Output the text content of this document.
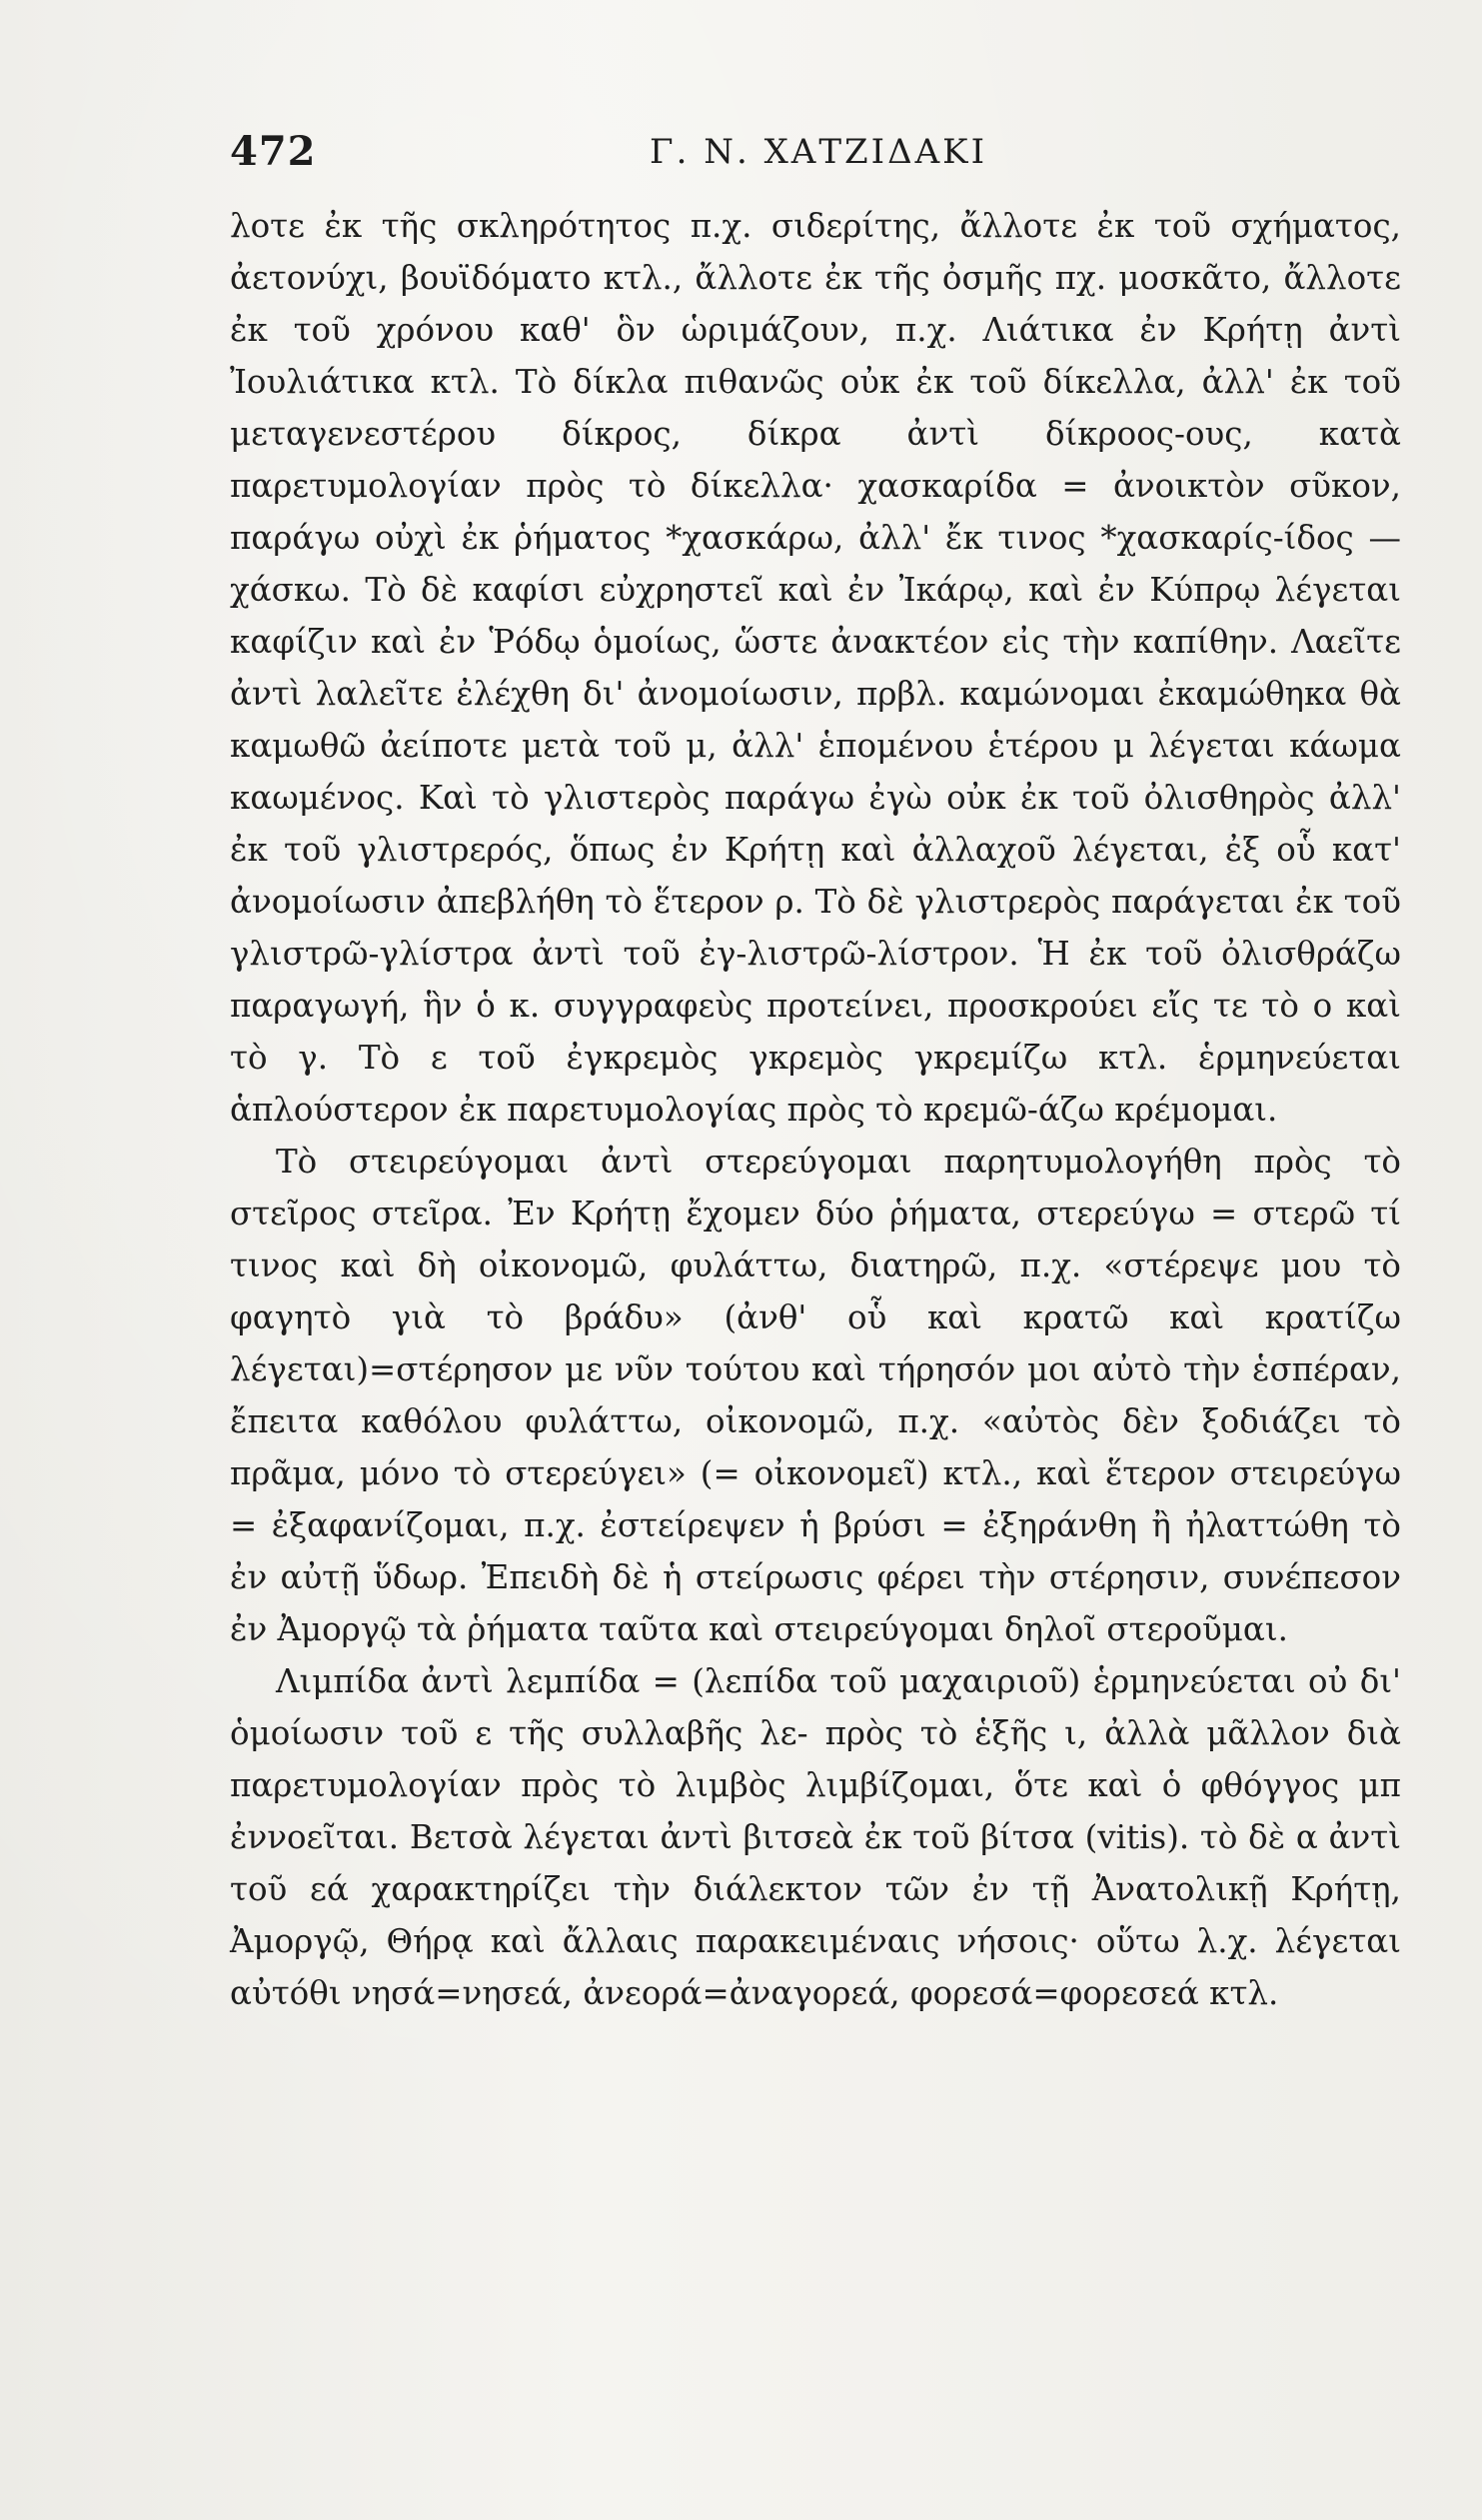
472	Γ. Ν. ΧΑΤΖΙΔΑΚΙ

λοτε ἐκ τῆς σκληρότητος π.χ. σιδερίτης, ἄλλοτε ἐκ τοῦ σχήματος, ἀετονύχι, βουϊδόματο κτλ., ἄλλοτε ἐκ τῆς ὀσμῆς πχ. μοσκᾶτο, ἄλλοτε ἐκ τοῦ χρόνου καθ' ὃν ὡριμάζουν, π.χ. Λιάτικα ἐν Κρήτῃ ἀντὶ Ἰουλιάτικα κτλ. Τὸ δίκλα πιθανῶς οὐκ ἐκ τοῦ δίκελλα, ἀλλ' ἐκ τοῦ μεταγενεστέρου δίκρος, δίκρα ἀντὶ δίκροος-ους, κατὰ παρετυμολογίαν πρὸς τὸ δίκελλα· χασκαρίδα = ἀνοικτὸν σῦκον, παράγω οὐχὶ ἐκ ῥήματος *χασκάρω, ἀλλ' ἔκ τινος *χασκαρίς-ίδος — χάσκω. Τὸ δὲ καφίσι εὐχρηστεῖ καὶ ἐν Ἰκάρῳ, καὶ ἐν Κύπρῳ λέγεται καφίζιν καὶ ἐν Ῥόδῳ ὁμοίως, ὥστε ἀνακτέον εἰς τὴν καπίθην. Λαεῖτε ἀντὶ λαλεῖτε ἐλέχθη δι' ἀνομοίωσιν, πρβλ. καμώνομαι ἐκαμώθηκα θὰ καμωθῶ ἀείποτε μετὰ τοῦ μ, ἀλλ' ἑπομένου ἑτέρου μ λέγεται κάωμα καωμένος. Καὶ τὸ γλιστερὸς παράγω ἐγὼ οὐκ ἐκ τοῦ ὀλισθηρὸς ἀλλ' ἐκ τοῦ γλιστρερός, ὅπως ἐν Κρήτῃ καὶ ἀλλαχοῦ λέγεται, ἐξ οὗ κατ' ἀνομοίωσιν ἀπεβλήθη τὸ ἕτερον ρ. Τὸ δὲ γλιστρερὸς παράγεται ἐκ τοῦ γλιστρῶ-γλίστρα ἀντὶ τοῦ ἐγ-λιστρῶ-λίστρον. Ἡ ἐκ τοῦ ὀλισθράζω παραγωγή, ἣν ὁ κ. συγγραφεὺς προτείνει, προσκρούει εἴς τε τὸ ο καὶ τὸ γ. Τὸ ε τοῦ ἐγκρεμὸς γκρεμὸς γκρεμίζω κτλ. ἑρμηνεύεται ἁπλούστερον ἐκ παρετυμολογίας πρὸς τὸ κρεμῶ-άζω κρέμομαι.

Τὸ στειρεύγομαι ἀντὶ στερεύγομαι παρητυμολογήθη πρὸς τὸ στεῖρος στεῖρα. Ἐν Κρήτῃ ἔχομεν δύο ῥήματα, στερεύγω = στερῶ τί τινος καὶ δὴ οἰκονομῶ, φυλάττω, διατηρῶ, π.χ. «στέρεψε μου τὸ φαγητὸ γιὰ τὸ βράδυ» (ἀνθ' οὗ καὶ κρατῶ καὶ κρατίζω λέγεται)=στέρησον με νῦν τούτου καὶ τήρησόν μοι αὐτὸ τὴν ἑσπέραν, ἔπειτα καθόλου φυλάττω, οἰκονομῶ, π.χ. «αὐτὸς δὲν ξοδιάζει τὸ πρᾶμα, μόνο τὸ στερεύγει» (= οἰκονομεῖ) κτλ., καὶ ἕτερον στειρεύγω = ἐξαφανίζομαι, π.χ. ἐστείρεψεν ἡ βρύσι = ἐξηράνθη ἢ ἠλαττώθη τὸ ἐν αὐτῇ ὕδωρ. Ἐπειδὴ δὲ ἡ στείρωσις φέρει τὴν στέρησιν, συνέπεσον ἐν Ἀμοργῷ τὰ ῥήματα ταῦτα καὶ στειρεύγομαι δηλοῖ στεροῦμαι.

Λιμπίδα ἀντὶ λεμπίδα = (λεπίδα τοῦ μαχαιριοῦ) ἑρμηνεύεται οὐ δι' ὁμοίωσιν τοῦ ε τῆς συλλαβῆς λε- πρὸς τὸ ἑξῆς ι, ἀλλὰ μᾶλλον διὰ παρετυμολογίαν πρὸς τὸ λιμβὸς λιμβίζομαι, ὅτε καὶ ὁ φθόγγος μπ ἐννοεῖται. Βετσὰ λέγεται ἀντὶ βιτσεὰ ἐκ τοῦ βίτσα (vitis). τὸ δὲ α ἀντὶ τοῦ εά χαρακτηρίζει τὴν διάλεκτον τῶν ἐν τῇ Ἀνατολικῇ Κρήτῃ, Ἀμοργῷ, Θήρᾳ καὶ ἄλλαις παρακειμέναις νήσοις· οὕτω λ.χ. λέγεται αὐτόθι νησά=νησεά, ἀνεορά=ἀναγορεά, φορεσά=φορεσεά κτλ.
